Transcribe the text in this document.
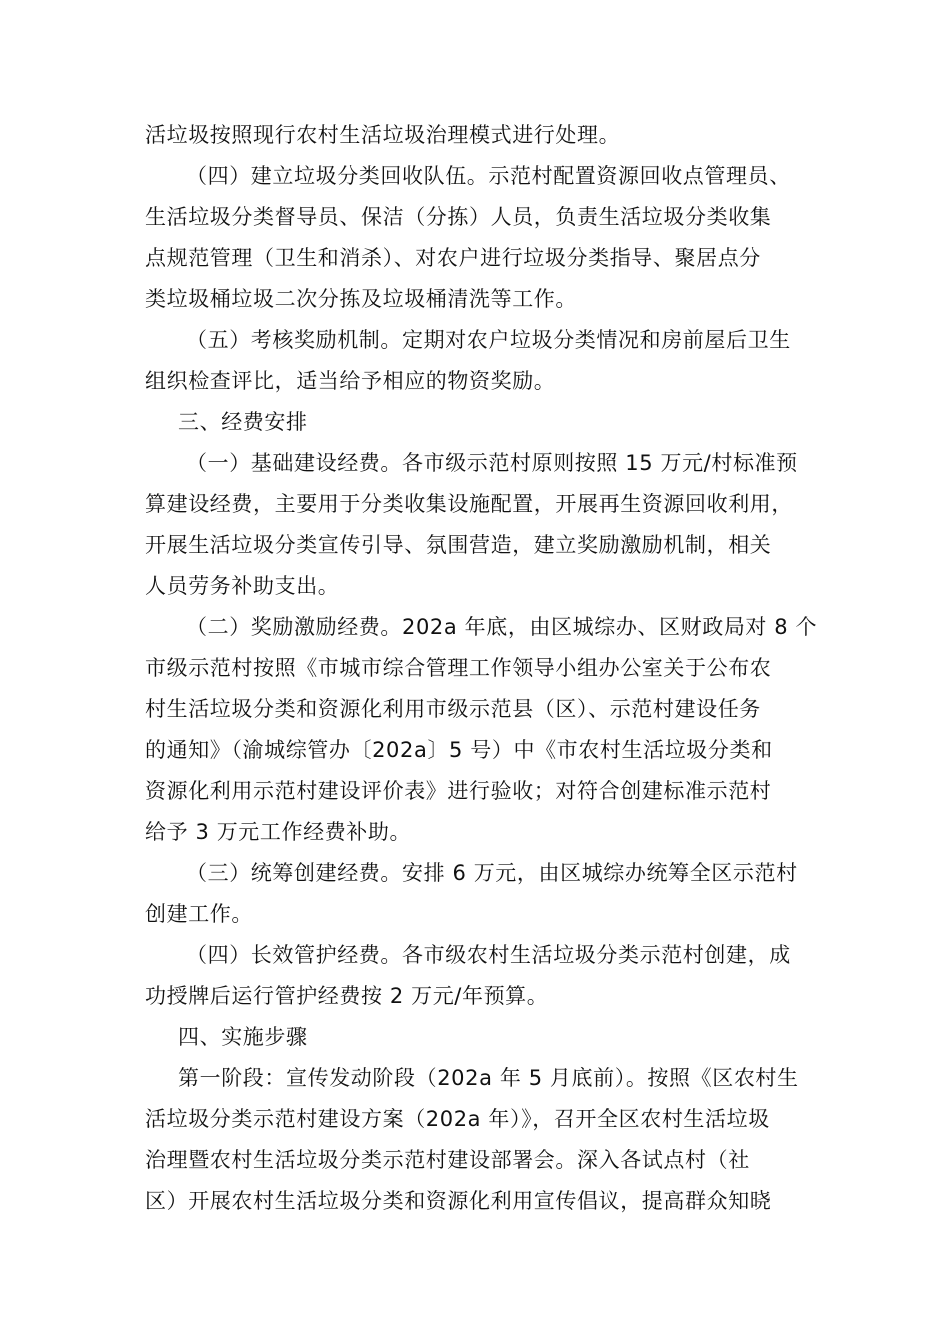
活垃圾按照现行农村生活垃圾治理模式进行处理。
（四）建立垃圾分类回收队伍。示范村配置资源回收点管理员、
生活垃圾分类督导员、保洁（分拣）人员，负责生活垃圾分类收集
点规范管理（卫生和消杀）、对农户进行垃圾分类指导、聚居点分
类垃圾桶垃圾二次分拣及垃圾桶清洗等工作。
（五）考核奖励机制。定期对农户垃圾分类情况和房前屋后卫生
组织检查评比，适当给予相应的物资奖励。
三、经费安排
（一）基础建设经费。各市级示范村原则按照 15 万元/村标准预
算建设经费，主要用于分类收集设施配置，开展再生资源回收利用，
开展生活垃圾分类宣传引导、氛围营造，建立奖励激励机制，相关
人员劳务补助支出。
（二）奖励激励经费。202a 年底，由区城综办、区财政局对 8 个
市级示范村按照《市城市综合管理工作领导小组办公室关于公布农
村生活垃圾分类和资源化利用市级示范县（区）、示范村建设任务
的通知》（渝城综管办〔202a〕5 号）中《市农村生活垃圾分类和
资源化利用示范村建设评价表》进行验收；对符合创建标准示范村
给予 3 万元工作经费补助。
（三）统筹创建经费。安排 6 万元，由区城综办统筹全区示范村
创建工作。
（四）长效管护经费。各市级农村生活垃圾分类示范村创建，成
功授牌后运行管护经费按 2 万元/年预算。
四、实施步骤
第一阶段：宣传发动阶段（202a 年 5 月底前）。按照《区农村生
活垃圾分类示范村建设方案（202a 年）》，召开全区农村生活垃圾
治理暨农村生活垃圾分类示范村建设部署会。深入各试点村（社
区）开展农村生活垃圾分类和资源化利用宣传倡议，提高群众知晓
